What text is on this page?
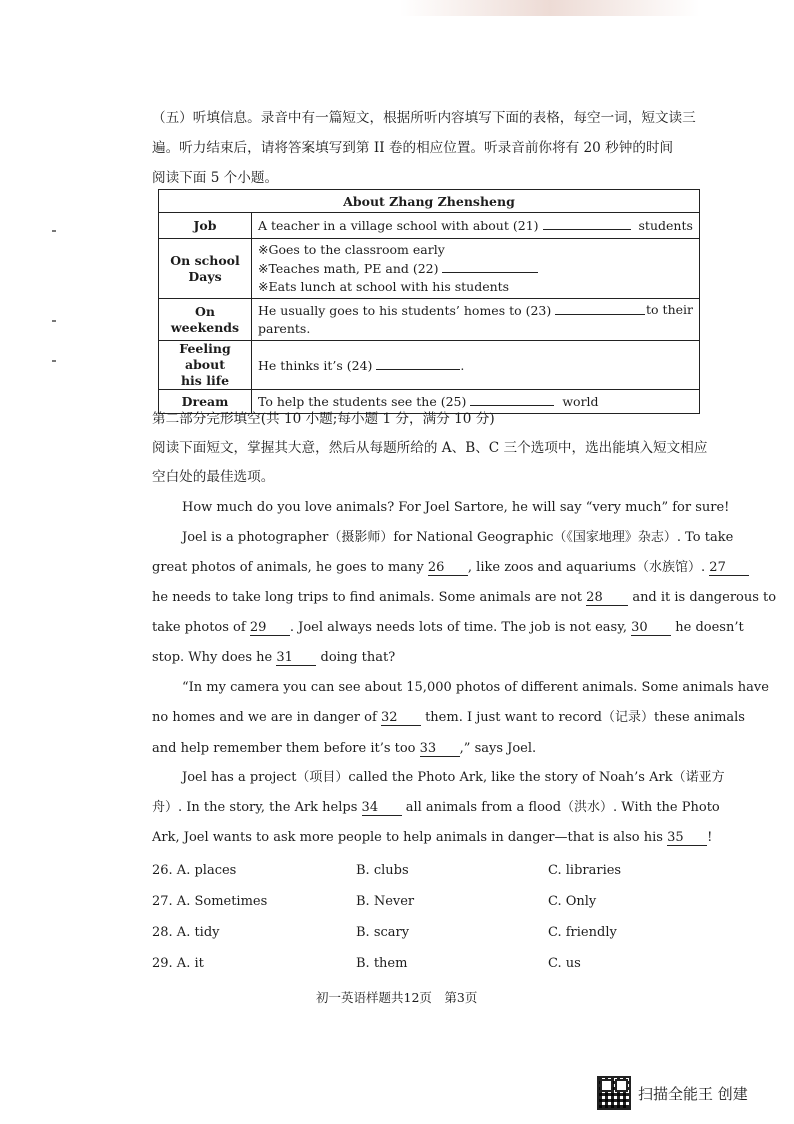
（五）听填信息。录音中有一篇短文，根据所听内容填写下面的表格，每空一词，短文读三
遍。听力结束后，请将答案填写到第 II 卷的相应位置。听录音前你将有 20 秒钟的时间
阅读下面 5 个小题。
About Zhang Zhensheng	
Job	A teacher in a village school with about (21) students
On school Days	※Goes to the classroom early
※Teaches math, PE and (22)
※Eats lunch at school with his students

On weekends	He usually goes to his students’ homes to (23) to their
parents.

Feeling about
his life	He thinks it’s (24) .
Dream	To help the students see the (25) world
第二部分完形填空(共 10 小题;每小题 1 分，满分 10 分)
阅读下面短文，掌握其大意，然后从每题所给的 A、B、C 三个选项中，选出能填入短文相应
空白处的最佳选项。
How much do you love animals? For Joel Sartore, he will say “very much” for sure!
Joel is a photographer（摄影师）for National Geographic（《国家地理》杂志）. To take
great photos of animals, he goes to many 26 , like zoos and aquariums（水族馆）. 27
he needs to take long trips to find animals. Some animals are not 28 and it is dangerous to
take photos of 29 . Joel always needs lots of time. The job is not easy, 30 he doesn’t
stop. Why does he 31 doing that?
“In my camera you can see about 15,000 photos of different animals. Some animals have
no homes and we are in danger of 32 them. I just want to record（记录）these animals
and help remember them before it’s too 33 ,” says Joel.
Joel has a project（项目）called the Photo Ark, like the story of Noah’s Ark（诺亚方
舟）. In the story, the Ark helps 34 all animals from a flood（洪水）. With the Photo
Ark, Joel wants to ask more people to help animals in danger—that is also his 35 !
26. A. places	B. clubs	C. libraries
27. A. Sometimes	B. Never	C. Only
28. A. tidy	B. scary	C. friendly
29. A. it	B. them	C. us
初一英语样题共12页　第3页
扫描全能王 创建
